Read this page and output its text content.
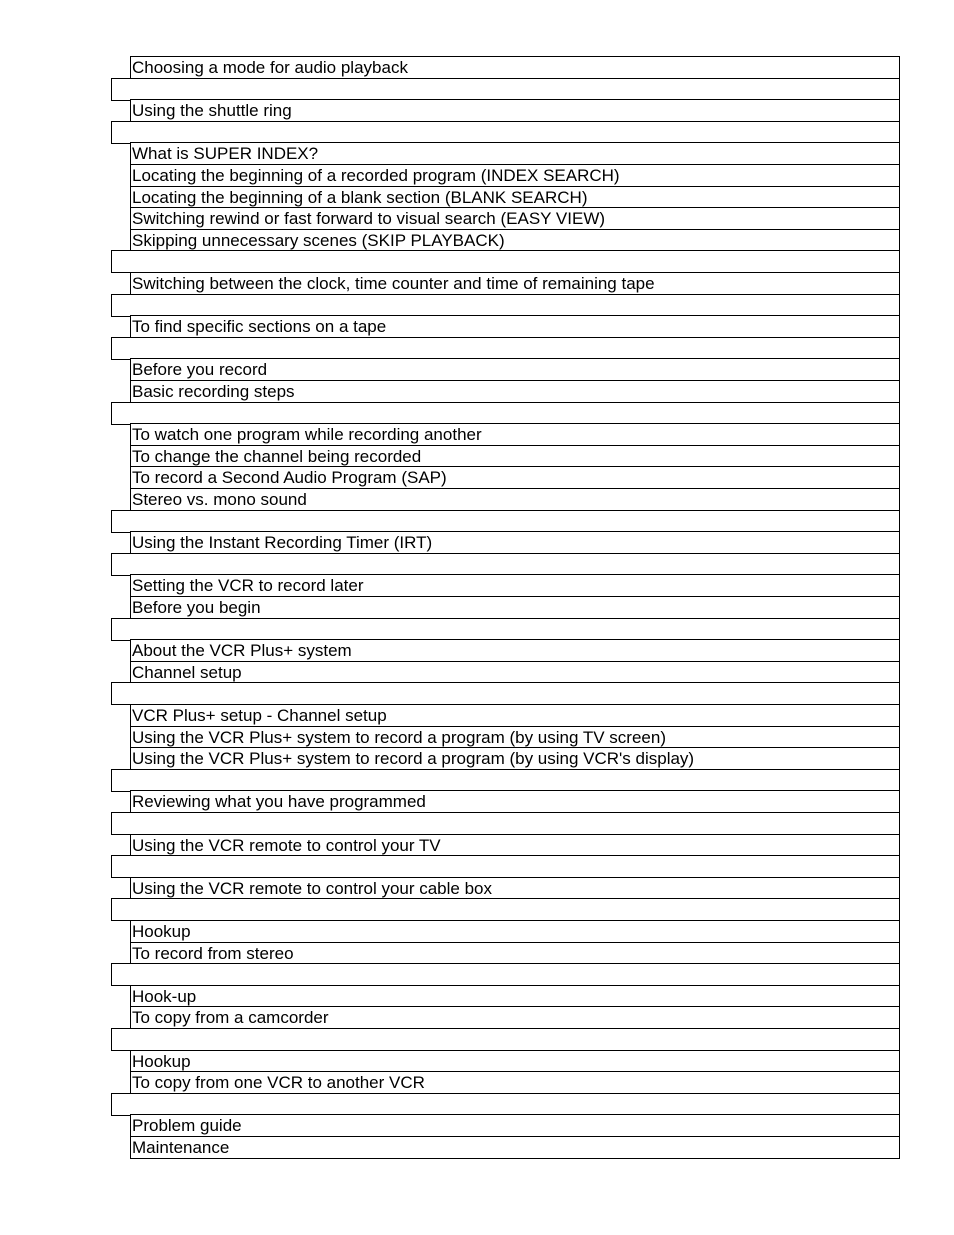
Choosing a mode for audio playback
Using the shuttle ring
What is SUPER INDEX?
Locating the beginning of a recorded program (INDEX SEARCH)
Locating the beginning of a blank section (BLANK SEARCH)
Switching rewind or fast forward to visual search (EASY VIEW)
Skipping unnecessary scenes (SKIP PLAYBACK)
Switching between the clock, time counter and time of remaining tape
To find specific sections on a tape
Before you record
Basic recording steps
To watch one program while recording another
To change the channel being recorded
To record a Second Audio Program (SAP)
Stereo vs. mono sound
Using the Instant Recording Timer (IRT)
Setting the VCR to record later
Before you begin
About the VCR Plus+ system
Channel setup
VCR Plus+ setup - Channel setup
Using the VCR Plus+ system to record a program (by using TV screen)
Using the VCR Plus+ system to record a program (by using VCR's display)
Reviewing what you have programmed
Using the VCR remote to control your TV
Using the VCR remote to control your cable box
Hookup
To record from stereo
Hook-up
To copy from a camcorder
Hookup
To copy from one VCR to another VCR
Problem guide
Maintenance
